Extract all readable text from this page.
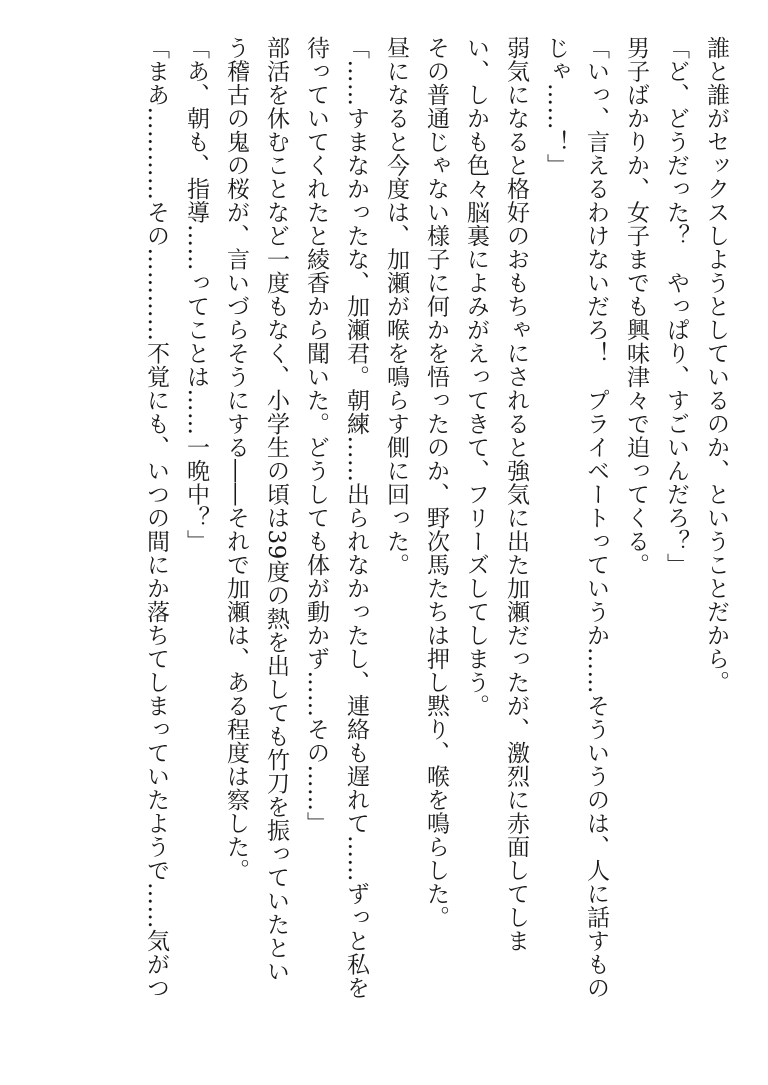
誰と誰がセックスしようとしているのか、ということだから。

「ど、どうだった？　やっぱり、すごいんだろ？」

男子ばかりか、女子までも興味津々で迫ってくる。

「いっ、言えるわけないだろ！　プライベートっていうか……そういうのは、人に話すもの

じゃ……！」

弱気になると格好のおもちゃにされると強気に出た加瀬だったが、激烈に赤面してしま

い、しかも色々脳裏によみがえってきて、フリーズしてしまう。

その普通じゃない様子に何かを悟ったのか、野次馬たちは押し黙り、喉を鳴らした。

昼になると今度は、加瀬が喉を鳴らす側に回った。

「……すまなかったな、加瀬君。朝練……出られなかったし、連絡も遅れて……ずっと私を

待っていてくれたと綾香から聞いた。どうしても体が動かず……その……」

部活を休むことなど一度もなく、小学生の頃は39度の熱を出しても竹刀を振っていたとい

う稽古の鬼の桜が、言いづらそうにする――それで加瀬は、ある程度は察した。

「あ、朝も、指導……ってことは……一晩中？」

「まあ…………その…………不覚にも、いつの間にか落ちてしまっていたようで……気がつ
